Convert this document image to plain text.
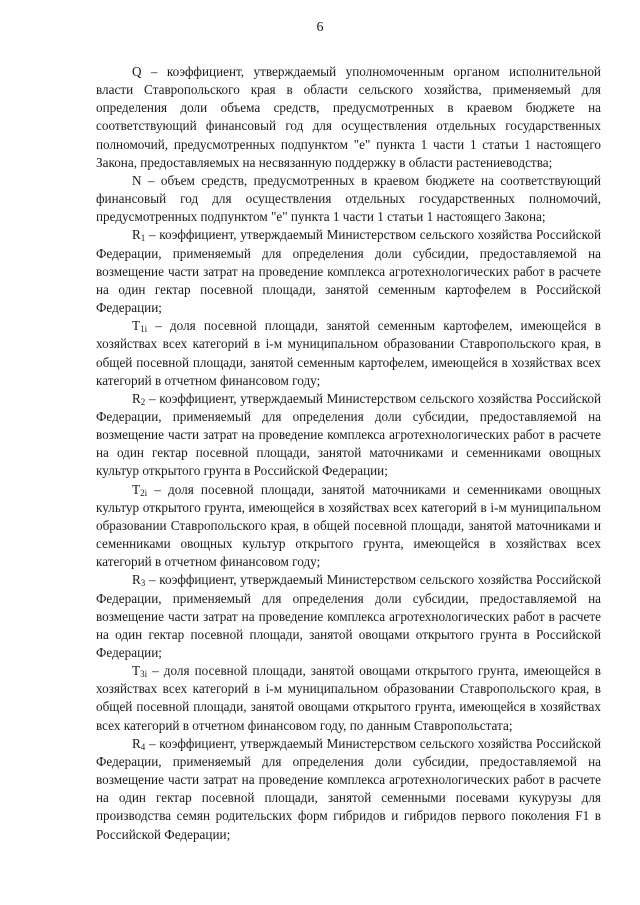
6

Q – коэффициент, утверждаемый уполномоченным органом исполнительной власти Ставропольского края в области сельского хозяйства, применяемый для определения доли объема средств, предусмотренных в краевом бюджете на соответствующий финансовый год для осуществления отдельных государственных полномочий, предусмотренных подпунктом "е" пункта 1 части 1 статьи 1 настоящего Закона, предоставляемых на несвязанную поддержку в области растениеводства;

N – объем средств, предусмотренных в краевом бюджете на соответствующий финансовый год для осуществления отдельных государственных полномочий, предусмотренных подпунктом "е" пункта 1 части 1 статьи 1 настоящего Закона;

$R_1$ – коэффициент, утверждаемый Министерством сельского хозяйства Российской Федерации, применяемый для определения доли субсидии, предоставляемой на возмещение части затрат на проведение комплекса агротехнологических работ в расчете на один гектар посевной площади, занятой семенным картофелем в Российской Федерации;

$T_{1i}$ – доля посевной площади, занятой семенным картофелем, имеющейся в хозяйствах всех категорий в i-м муниципальном образовании Ставропольского края, в общей посевной площади, занятой семенным картофелем, имеющейся в хозяйствах всех категорий в отчетном финансовом году;

$R_2$ – коэффициент, утверждаемый Министерством сельского хозяйства Российской Федерации, применяемый для определения доли субсидии, предоставляемой на возмещение части затрат на проведение комплекса агротехнологических работ в расчете на один гектар посевной площади, занятой маточниками и семенниками овощных культур открытого грунта в Российской Федерации;

$T_{2i}$ – доля посевной площади, занятой маточниками и семенниками овощных культур открытого грунта, имеющейся в хозяйствах всех категорий в i-м муниципальном образовании Ставропольского края, в общей посевной площади, занятой маточниками и семенниками овощных культур открытого грунта, имеющейся в хозяйствах всех категорий в отчетном финансовом году;

$R_3$ – коэффициент, утверждаемый Министерством сельского хозяйства Российской Федерации, применяемый для определения доли субсидии, предоставляемой на возмещение части затрат на проведение комплекса агротехнологических работ в расчете на один гектар посевной площади, занятой овощами открытого грунта в Российской Федерации;

$T_{3i}$ – доля посевной площади, занятой овощами открытого грунта, имеющейся в хозяйствах всех категорий в i-м муниципальном образовании Ставропольского края, в общей посевной площади, занятой овощами открытого грунта, имеющейся в хозяйствах всех категорий в отчетном финансовом году, по данным Ставропольстата;

$R_4$ – коэффициент, утверждаемый Министерством сельского хозяйства Российской Федерации, применяемый для определения доли субсидии, предоставляемой на возмещение части затрат на проведение комплекса агротехнологических работ в расчете на один гектар посевной площади, занятой семенными посевами кукурузы для производства семян родительских форм гибридов и гибридов первого поколения F1 в Российской Федерации;
